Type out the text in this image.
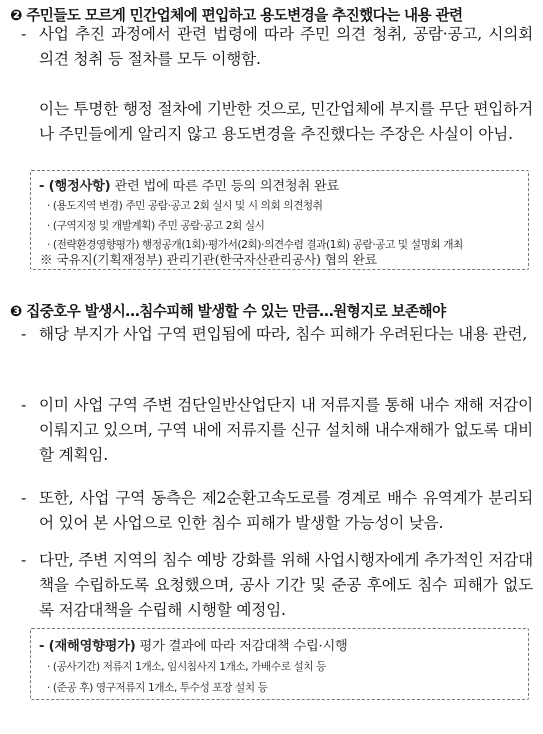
❷ 주민들도 모르게 민간업체에 편입하고 용도변경을 추진했다는 내용 관련
- 사업 추진 과정에서 관련 법령에 따라 주민 의견 청취, 공람·공고, 시의회 의견 청취 등 절차를 모두 이행함.
이는 투명한 행정 절차에 기반한 것으로, 민간업체에 부지를 무단 편입하거나 주민들에게 알리지 않고 용도변경을 추진했다는 주장은 사실이 아님.
- (행정사항) 관련 법에 따른 주민 등의 의견청취 완료
· (용도지역 변경) 주민 공람·공고 2회 실시 및 시 의회 의견청취
· (구역지정 및 개발계획) 주민 공람·공고 2회 실시
· (전략환경영향평가) 행정공개(1회)·평가서(2회)·의견수렴 결과(1회) 공람·공고 및 설명회 개최
※ 국유지(기획재정부) 관리기관(한국자산관리공사) 협의 완료
❸ 집중호우 발생시…침수피해 발생할 수 있는 만큼…원형지로 보존해야
- 해당 부지가 사업 구역 편입됨에 따라, 침수 피해가 우려된다는 내용 관련,
- 이미 사업 구역 주변 검단일반산업단지 내 저류지를 통해 내수 재해 저감이 이뤄지고 있으며, 구역 내에 저류지를 신규 설치해 내수재해가 없도록 대비할 계획임.
- 또한, 사업 구역 동측은 제2순환고속도로를 경계로 배수 유역계가 분리되어 있어 본 사업으로 인한 침수 피해가 발생할 가능성이 낮음.
- 다만, 주변 지역의 침수 예방 강화를 위해 사업시행자에게 추가적인 저감대책을 수립하도록 요청했으며, 공사 기간 및 준공 후에도 침수 피해가 없도록 저감대책을 수립해 시행할 예정임.
- (재해영향평가) 평가 결과에 따라 저감대책 수립·시행
· (공사기간) 저류지 1개소, 임시침사지 1개소, 가배수로 설치 등
· (준공 후) 영구저류지 1개소, 투수성 포장 설치 등
